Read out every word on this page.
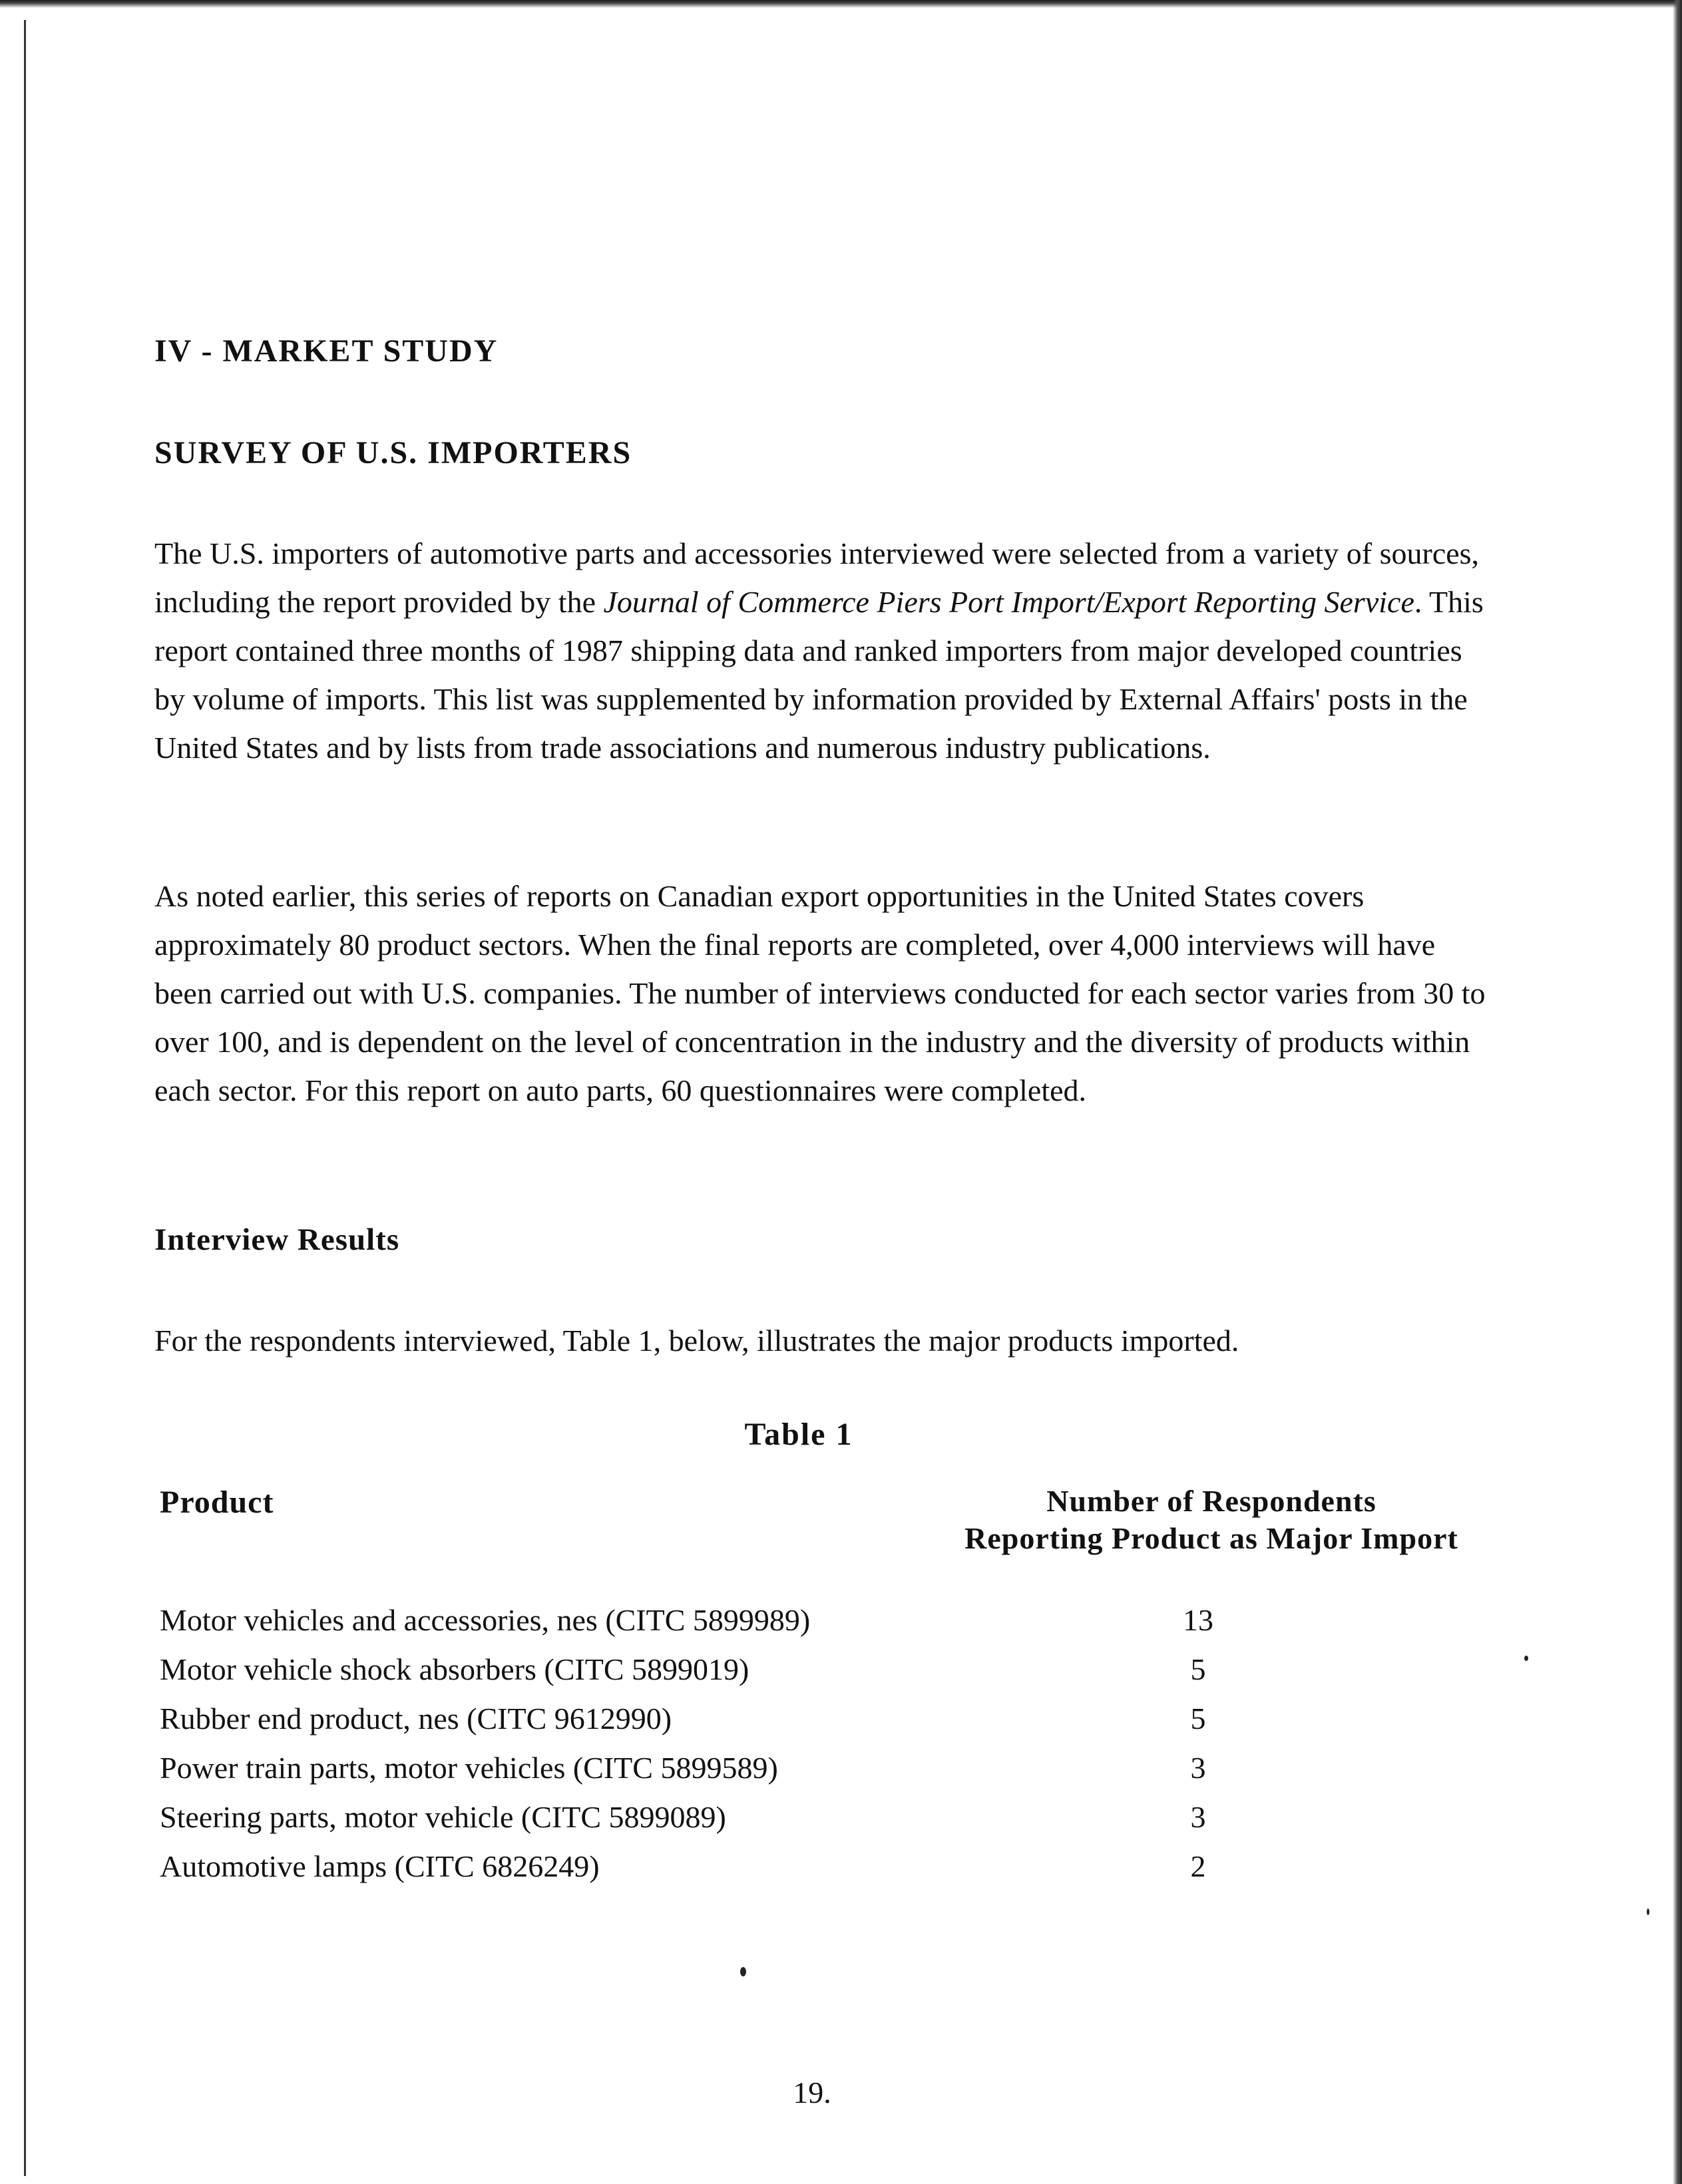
IV - MARKET STUDY
SURVEY OF U.S. IMPORTERS

The U.S. importers of automotive parts and accessories interviewed were selected from a variety of sources, including the report provided by the Journal of Commerce Piers Port Import/Export Reporting Service. This report contained three months of 1987 shipping data and ranked importers from major developed countries by volume of imports. This list was supplemented by information provided by External Affairs' posts in the United States and by lists from trade associations and numerous industry publications.

As noted earlier, this series of reports on Canadian export opportunities in the United States covers approximately 80 product sectors. When the final reports are completed, over 4,000 interviews will have been carried out with U.S. companies. The number of interviews conducted for each sector varies from 30 to over 100, and is dependent on the level of concentration in the industry and the diversity of products within each sector. For this report on auto parts, 60 questionnaires were completed.

Interview Results

For the respondents interviewed, Table 1, below, illustrates the major products imported.

Table 1

Product	Number of Respondents
Reporting Product as Major Import
Motor vehicles and accessories, nes (CITC 5899989)	13
Motor vehicle shock absorbers (CITC 5899019)	5
Rubber end product, nes (CITC 9612990)	5
Power train parts, motor vehicles (CITC 5899589)	3
Steering parts, motor vehicle (CITC 5899089)	3
Automotive lamps (CITC 6826249)	2

19.
